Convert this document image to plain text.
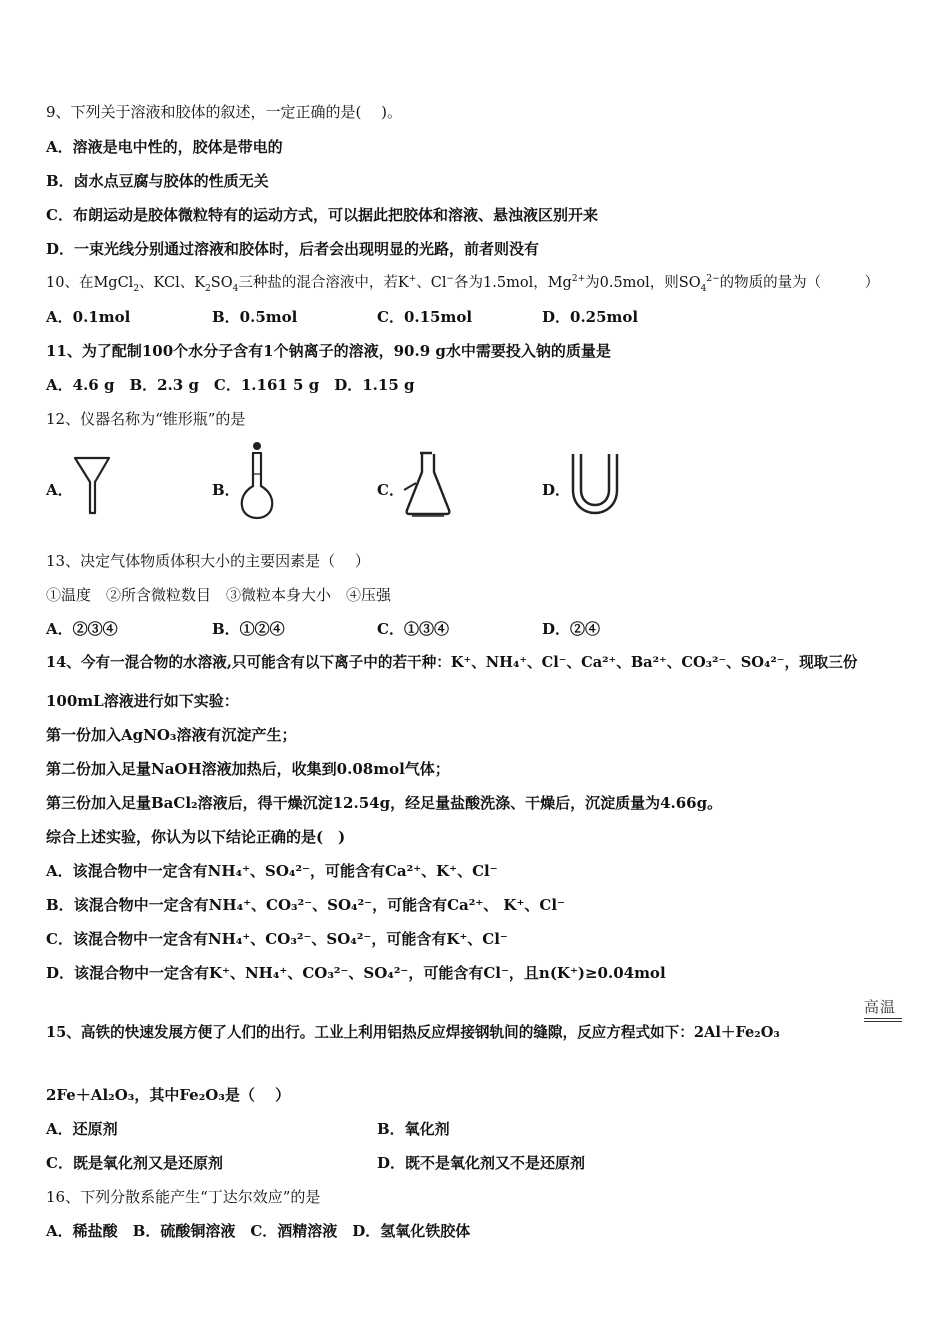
9、下列关于溶液和胶体的叙述，一定正确的是(　 )。
A．溶液是电中性的，胶体是带电的
B．卤水点豆腐与胶体的性质无关
C．布朗运动是胶体微粒特有的运动方式，可以据此把胶体和溶液、悬浊液区别开来
D．一束光线分别通过溶液和胶体时，后者会出现明显的光路，前者则没有
10、在MgCl$_2$、KCl、$K_2SO_4$三种盐的混合溶液中，若K+、Cl−各为1.5mol，$Mg^{2+}$为0.5mol，则$SO_4^{2-}$的物质的量为（　　　）
A．0.1mol	B．0.5mol	C．0.15mol	D．0.25mol
11、为了配制100个水分子含有1个钠离子的溶液，90.9 g水中需要投入钠的质量是
A．4.6 g　B．2.3 g　C．1.161 5 g　D．1.15 g
12、仪器名称为“锥形瓶”的是
A．	B．	C．	D．
13、决定气体物质体积大小的主要因素是（　 ）
①温度　②所含微粒数目　③微粒本身大小　④压强
A．②③④	B．①②④	C．①③④	D．②④
14、今有一混合物的水溶液,只可能含有以下离子中的若干种：K⁺、NH₄⁺、Cl⁻、Ca²⁺、Ba²⁺、CO₃²⁻、SO₄²⁻，现取三份
100mL溶液进行如下实验：
第一份加入AgNO₃溶液有沉淀产生；
第二份加入足量NaOH溶液加热后，收集到0.08mol气体；
第三份加入足量BaCl₂溶液后，得干燥沉淀12.54g，经足量盐酸洗涤、干燥后，沉淀质量为4.66g。
综合上述实验，你认为以下结论正确的是(　)
A．该混合物中一定含有NH₄⁺、SO₄²⁻，可能含有Ca²⁺、K⁺、Cl⁻
B．该混合物中一定含有NH₄⁺、CO₃²⁻、SO₄²⁻，可能含有Ca²⁺、 K⁺、Cl⁻
C．该混合物中一定含有NH₄⁺、CO₃²⁻、SO₄²⁻，可能含有K⁺、Cl⁻
D．该混合物中一定含有K⁺、NH₄⁺、CO₃²⁻、SO₄²⁻，可能含有Cl⁻，且n(K⁺)≥0.04mol
高温
15、高铁的快速发展方便了人们的出行。工业上利用铝热反应焊接钢轨间的缝隙，反应方程式如下：2Al＋Fe₂O₃
2Fe＋Al₂O₃，其中Fe₂O₃是（　 ）
A．还原剂	B．氧化剂
C．既是氧化剂又是还原剂	D．既不是氧化剂又不是还原剂
16、下列分散系能产生“丁达尔效应”的是
A．稀盐酸　B．硫酸铜溶液　C．酒精溶液　D．氢氧化铁胶体
